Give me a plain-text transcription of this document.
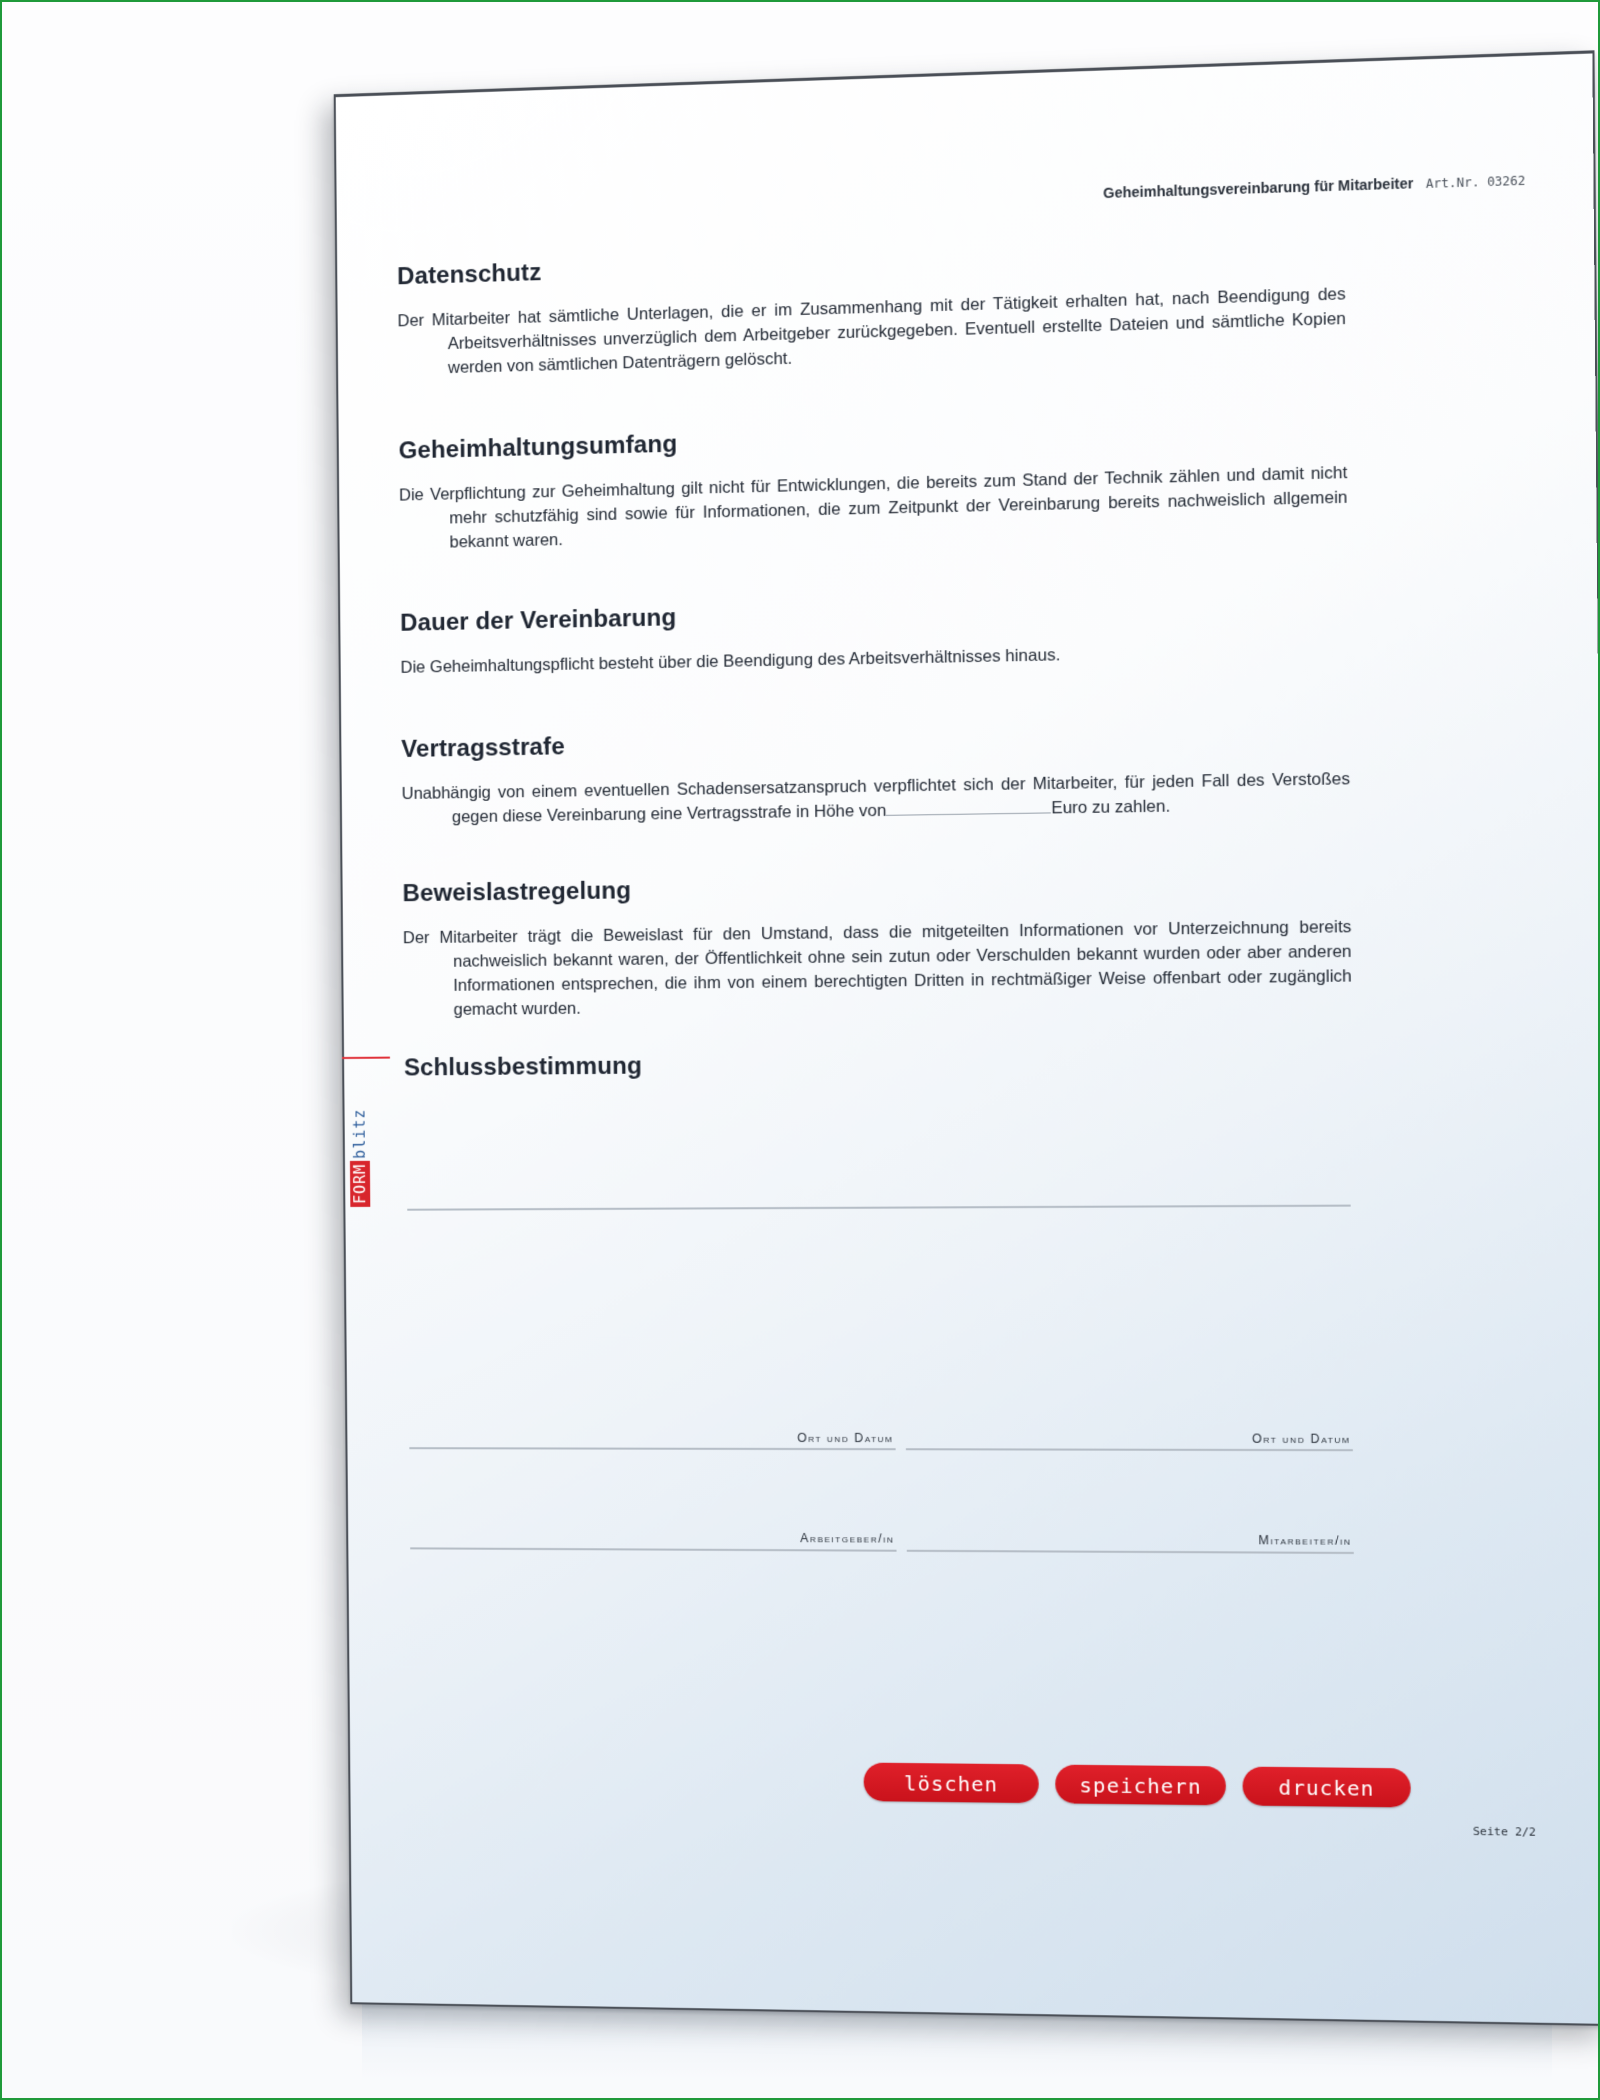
Geheimhaltungsvereinbarung für Mitarbeiter Art.Nr. 03262
FORMblitz
Datenschutz

Der Mitarbeiter hat sämtliche Unterlagen, die er im Zusammenhang mit der Tätigkeit erhalten hat, nach Beendigung des Arbeitsverhältnisses unverzüglich dem Arbeitgeber zurückgegeben. Eventuell erstellte Dateien und sämtliche Kopien werden von sämtlichen Datenträgern gelöscht.

Geheimhaltungsumfang

Die Verpflichtung zur Geheimhaltung gilt nicht für Entwicklungen, die bereits zum Stand der Technik zählen und damit nicht mehr schutzfähig sind sowie für Informationen, die zum Zeitpunkt der Vereinbarung bereits nachweislich allgemein bekannt waren.

Dauer der Vereinbarung

Die Geheimhaltungspflicht besteht über die Beendigung des Arbeitsverhältnisses hinaus.

Vertragsstrafe

Unabhängig von einem eventuellen Schadensersatzanspruch verpflichtet sich der Mitarbeiter, für jeden Fall des Verstoßes gegen diese Vereinbarung eine Vertragsstrafe in Höhe von	Euro zu zahlen.

Beweislastregelung

Der Mitarbeiter trägt die Beweislast für den Umstand, dass die mitgeteilten Informationen vor Unterzeichnung bereits nachweislich bekannt waren, der Öffentlichkeit ohne sein zutun oder Verschulden bekannt wurden oder aber anderen Informationen entsprechen, die ihm von einem berechtigten Dritten in rechtmäßiger Weise offenbart oder zugänglich gemacht wurden.

Schlussbestimmung
Ort und Datum	Ort und Datum
Arbeitgeber/in	Mitarbeiter/in
löschen	speichern	drucken
Seite 2/2
